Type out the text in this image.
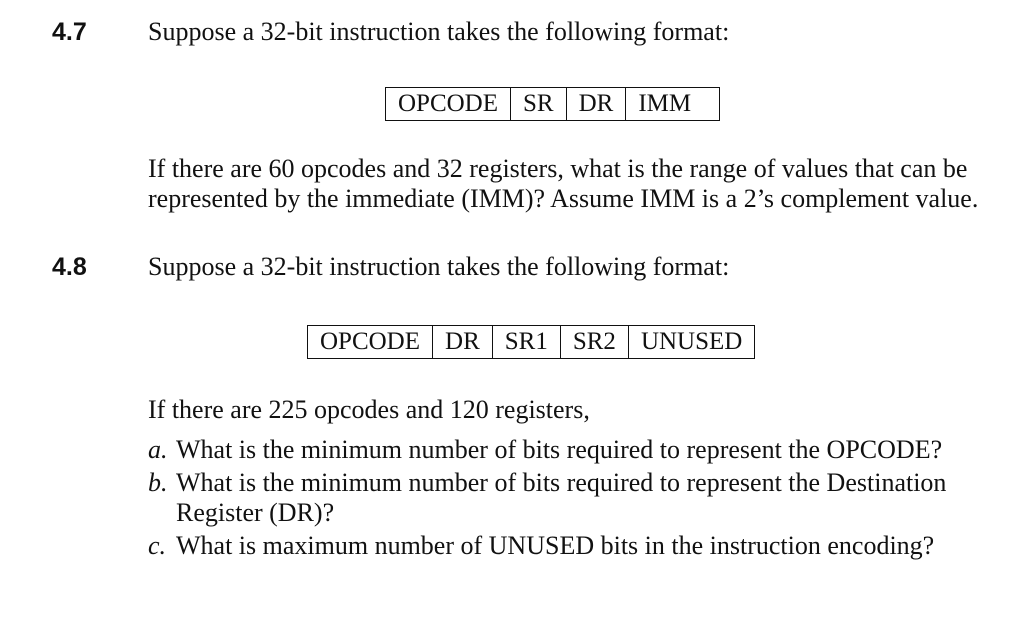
4.7 Suppose a 32-bit instruction takes the following format:
OPCODE	SR	DR	IMM
If there are 60 opcodes and 32 registers, what is the range of values that can be represented by the immediate (IMM)? Assume IMM is a 2’s complement value.
4.8 Suppose a 32-bit instruction takes the following format:
OPCODE	DR	SR1	SR2	UNUSED
If there are 225 opcodes and 120 registers,
a. What is the minimum number of bits required to represent the OPCODE?
b. What is the minimum number of bits required to represent the Destination Register (DR)?
c. What is maximum number of UNUSED bits in the instruction encoding?
